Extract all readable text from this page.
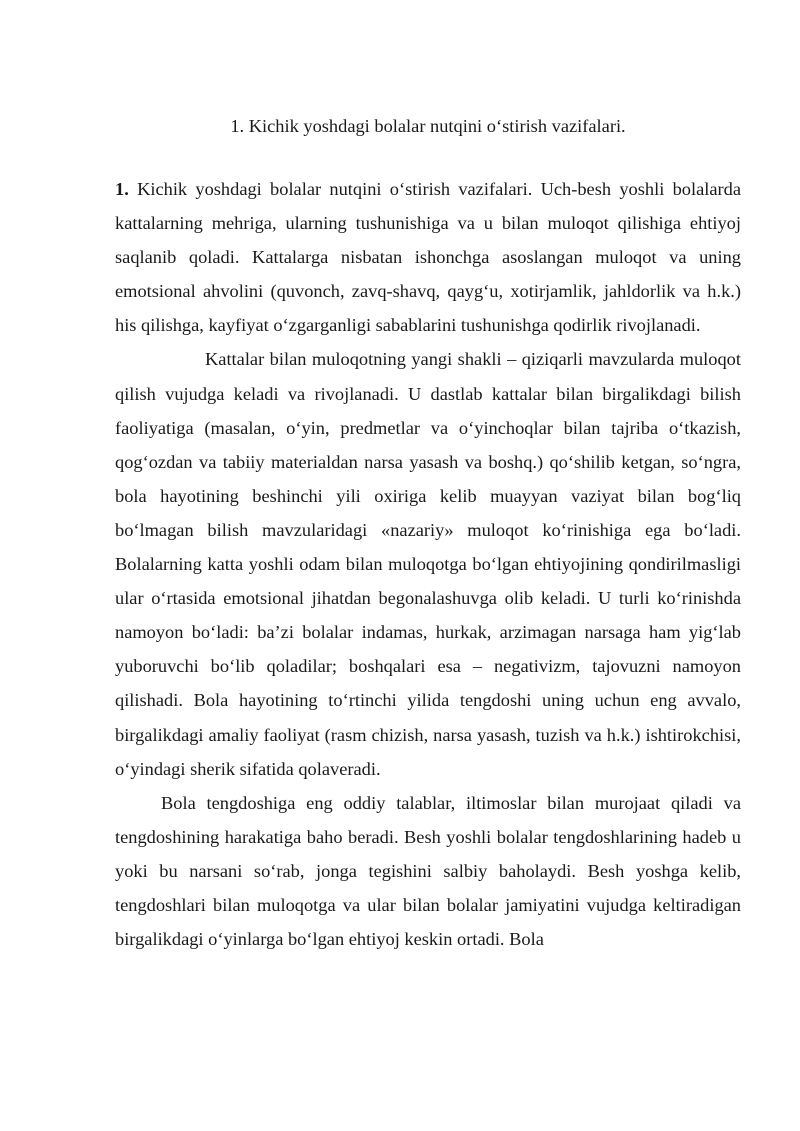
1. Kichik yoshdagi bolalar nutqini o‘stirish vazifalari.

1. Kichik yoshdagi bolalar nutqini o‘stirish vazifalari. Uch-besh yoshli bolalarda kattalarning mehriga, ularning tushunishiga va u bilan muloqot qilishiga ehtiyoj saqlanib qoladi. Kattalarga nisbatan ishonchga asoslangan muloqot va uning emotsional ahvolini (quvonch, zavq-shavq, qayg‘u, xotirjamlik, jahldorlik va h.k.) his qilishga, kayfiyat o‘zgarganligi sabablarini tushunishga qodirlik rivojlanadi.

Kattalar bilan muloqotning yangi shakli – qiziqarli mavzularda muloqot qilish vujudga keladi va rivojlanadi. U dastlab kattalar bilan birgalikdagi bilish faoliyatiga (masalan, o‘yin, predmetlar va o‘yinchoqlar bilan tajriba o‘tkazish, qog‘ozdan va tabiiy materialdan narsa yasash va boshq.) qo‘shilib ketgan, so‘ngra, bola hayotining beshinchi yili oxiriga kelib muayyan vaziyat bilan bog‘liq bo‘lmagan bilish mavzularidagi «nazariy» muloqot ko‘rinishiga ega bo‘ladi. Bolalarning katta yoshli odam bilan muloqotga bo‘lgan ehtiyojining qondirilmasligi ular o‘rtasida emotsional jihatdan begonalashuvga olib keladi. U turli ko‘rinishda namoyon bo‘ladi: ba’zi bolalar indamas, hurkak, arzimagan narsaga ham yig‘lab yuboruvchi bo‘lib qoladilar; boshqalari esa – negativizm, tajovuzni namoyon qilishadi. Bola hayotining to‘rtinchi yilida tengdoshi uning uchun eng avvalo, birgalikdagi amaliy faoliyat (rasm chizish, narsa yasash, tuzish va h.k.) ishtirokchisi, o‘yindagi sherik sifatida qolaveradi.

Bola tengdoshiga eng oddiy talablar, iltimoslar bilan murojaat qiladi va tengdoshining harakatiga baho beradi. Besh yoshli bolalar tengdoshlarining hadeb u yoki bu narsani so‘rab, jonga tegishini salbiy baholaydi. Besh yoshga kelib, tengdoshlari bilan muloqotga va ular bilan bolalar jamiyatini vujudga keltiradigan birgalikdagi o‘yinlarga bo‘lgan ehtiyoj keskin ortadi. Bola
